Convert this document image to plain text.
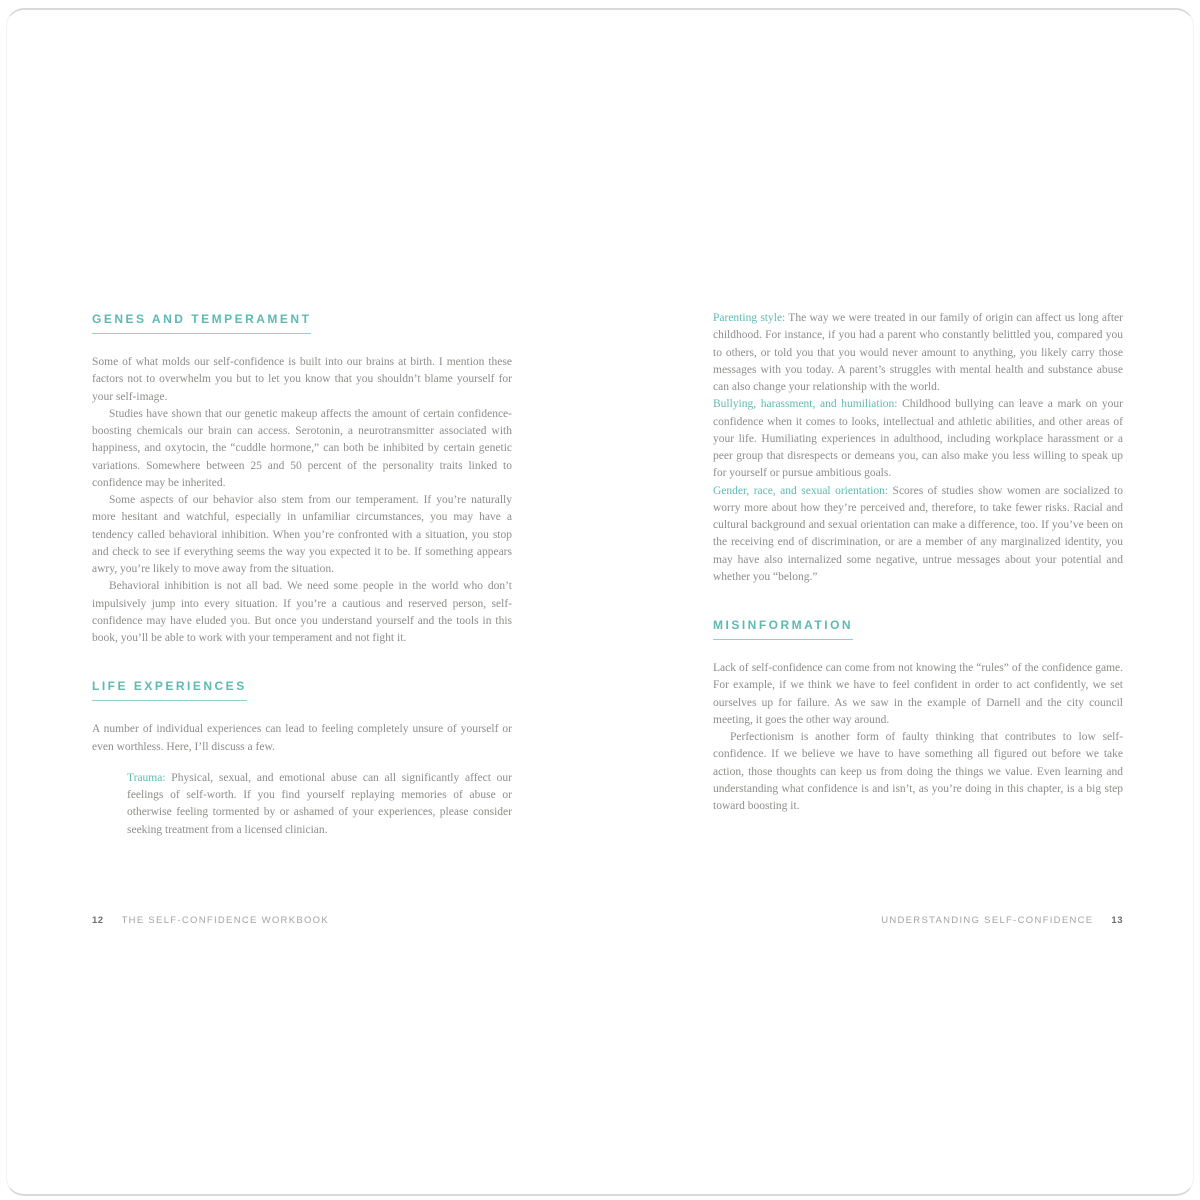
GENES AND TEMPERAMENT

Some of what molds our self-confidence is built into our brains at birth. I mention these factors not to overwhelm you but to let you know that you shouldn’t blame yourself for your self-image.

Studies have shown that our genetic makeup affects the amount of certain confidence-boosting chemicals our brain can access. Serotonin, a neurotransmitter associated with happiness, and oxytocin, the “cuddle hormone,” can both be inhibited by certain genetic variations. Somewhere between 25 and 50 percent of the personality traits linked to confidence may be inherited.

Some aspects of our behavior also stem from our temperament. If you’re naturally more hesitant and watchful, especially in unfamiliar circumstances, you may have a tendency called behavioral inhibition. When you’re confronted with a situation, you stop and check to see if everything seems the way you expected it to be. If something appears awry, you’re likely to move away from the situation.

Behavioral inhibition is not all bad. We need some people in the world who don’t impulsively jump into every situation. If you’re a cautious and reserved person, self-confidence may have eluded you. But once you understand yourself and the tools in this book, you’ll be able to work with your temperament and not fight it.

LIFE EXPERIENCES

A number of individual experiences can lead to feeling completely unsure of yourself or even worthless. Here, I’ll discuss a few.

Trauma: Physical, sexual, and emotional abuse can all significantly affect our feelings of self-worth. If you find yourself replaying memories of abuse or otherwise feeling tormented by or ashamed of your experiences, please consider seeking treatment from a licensed clinician.

Parenting style: The way we were treated in our family of origin can affect us long after childhood. For instance, if you had a parent who constantly belittled you, compared you to others, or told you that you would never amount to anything, you likely carry those messages with you today. A parent’s struggles with mental health and substance abuse can also change your relationship with the world.

Bullying, harassment, and humiliation: Childhood bullying can leave a mark on your confidence when it comes to looks, intellectual and athletic abilities, and other areas of your life. Humiliating experiences in adulthood, including workplace harassment or a peer group that disrespects or demeans you, can also make you less willing to speak up for yourself or pursue ambitious goals.

Gender, race, and sexual orientation: Scores of studies show women are socialized to worry more about how they’re perceived and, therefore, to take fewer risks. Racial and cultural background and sexual orientation can make a difference, too. If you’ve been on the receiving end of discrimination, or are a member of any marginalized identity, you may have also internalized some negative, untrue messages about your potential and whether you “belong.”

MISINFORMATION

Lack of self-confidence can come from not knowing the “rules” of the confidence game. For example, if we think we have to feel confident in order to act confidently, we set ourselves up for failure. As we saw in the example of Darnell and the city council meeting, it goes the other way around.

Perfectionism is another form of faulty thinking that contributes to low self-confidence. If we believe we have to have something all figured out before we take action, those thoughts can keep us from doing the things we value. Even learning and understanding what confidence is and isn’t, as you’re doing in this chapter, is a big step toward boosting it.

12 THE SELF-CONFIDENCE WORKBOOK	UNDERSTANDING SELF-CONFIDENCE 13
